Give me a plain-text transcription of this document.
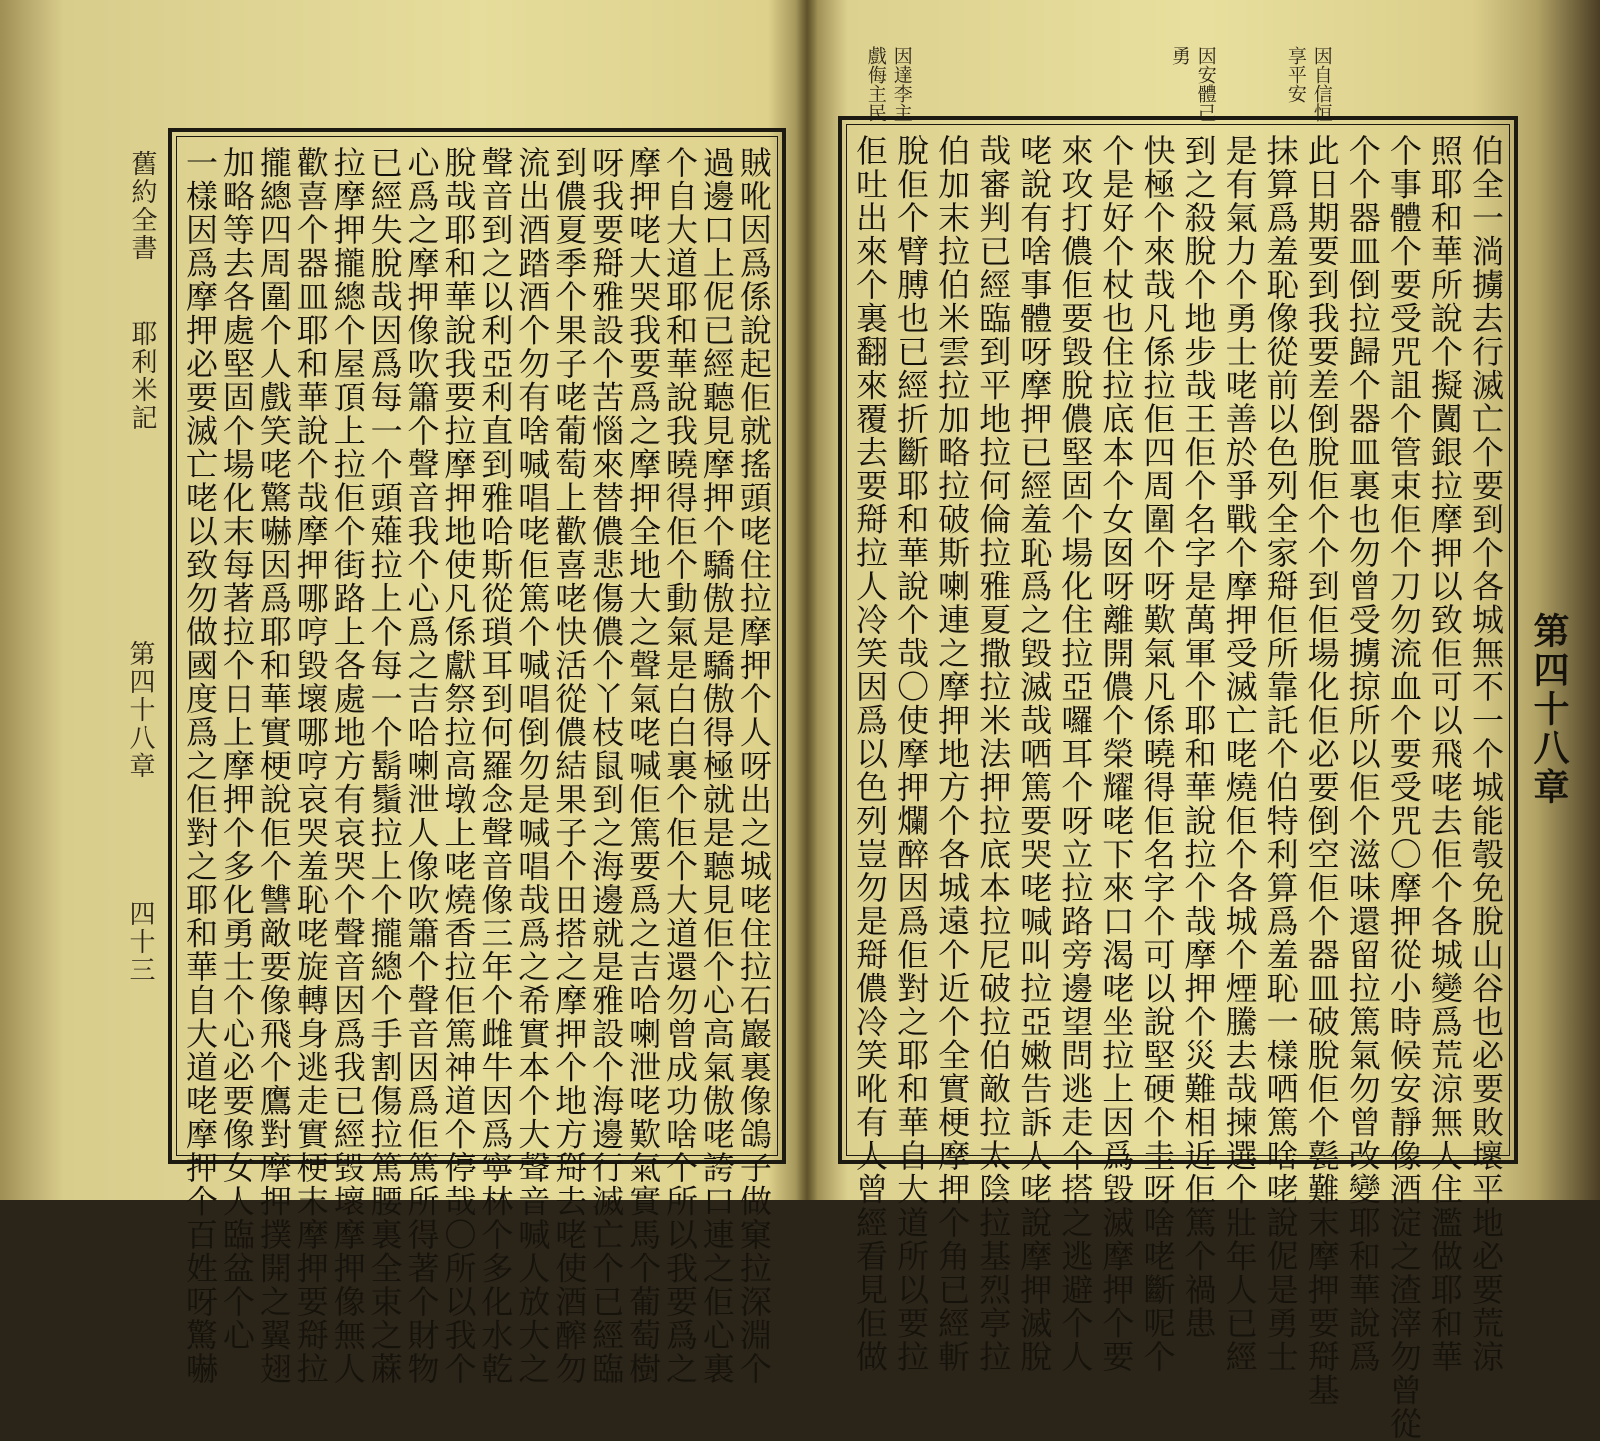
舊約全書
耶利米記
第四十八章
四十三	賊吪因爲係說起佢就搖頭咾住拉摩押个人呀出之城咾住拉石巖裏像鴿子做窠拉深淵个
過邊口上伲已經聽見摩押个驕傲是驕傲得極就是聽見佢个心高氣傲咾誇口連之佢心裏
个自大道耶和華說我曉得佢个動氣是白白裏个佢个大道還勿曾成功啥个所以我要爲之
摩押咾大哭我要爲之摩押全地大之聲氣咾喊佢篤要爲之吉哈喇泄咾歎氣實馬个葡萄樹
呀我要搿雅設个苦惱來替儂悲傷儂个丫枝鼠到之海邊就是雅設个海邊行滅亡个已經臨
到儂夏季个果子咾葡萄上歡喜咾快活從儂結果子个田搭之摩押个地方搿去咾使酒醡勿
流出酒踏酒个勿有啥喊唱咾佢篤个喊唱倒勿是喊唱哉爲之希實本个大聲音喊人放大之
聲音到之以利亞利直到雅哈斯從瑣耳到何羅念聲音像三年个雌牛因爲寧林个多化水乾
脫哉耶和華說我要拉摩押地使凡係獻祭拉高墩上咾燒香拉佢篤神道个停哉〇所以我个
心爲之摩押像吹簫个聲音我个心爲之吉哈喇泄人像吹簫个聲音因爲佢篤所得著个財物
已經失脫哉因爲每一个頭薙拉上个每一个鬍鬚拉上个攏總个手割傷拉篤腰裏全束之蔴
拉摩押攏總个屋頂上拉佢个街路上各處地方有哀哭个聲音因爲我已經毀壞摩押像無人
歡喜个器皿耶和華說个哉摩押哪哼毀壞哪哼哀哭羞恥咾旋轉身逃走實梗末摩押要搿拉
攏總四周圍个人戲笑咾驚嚇因爲耶和華實梗說佢个讐敵要像飛个鷹對摩押撲開之翼翅
加略等去各處堅固个場化末每著拉个日上摩押个多化勇士个心必要像女人臨盆个心
一樣因爲摩押必要滅亡咾以致勿做國度爲之佢對之耶和華自大道咾摩押个百姓呀驚嚇
因達李主
戲侮主民	因安體己
勇	因自信恒
享平安
伯全一淌擄去行滅亡个要到个各城無不一个城能彀免脫山谷也必要敗壞平地必要荒涼
照耶和華所說个擬闐銀拉摩押以致佢可以飛咾去佢个各城變爲荒涼無人住濫做耶和華
个事體个要受咒詛个管束佢个刀勿流血个要受咒〇摩押從小時候安靜像酒淀之渣滓勿曾從
个个器皿倒拉歸个器皿裏也勿曾受擄掠所以佢个滋味還留拉篤氣勿曾改變耶和華說爲
此日期要到我要差倒脫佢个个到佢場化佢必要倒空佢个器皿破脫佢个甏難末摩押要搿基
抹算爲羞恥像從前以色列全家搿佢所靠託个伯特利算爲羞恥一樣哂篤啥咾說伲是勇士
是有氣力个勇士咾善於爭戰个摩押受滅亡咾燒佢个各城个煙騰去哉揀選个壯年人已經
到之殺脫个地步哉王佢个名字是萬軍个耶和華說拉个哉摩押个災難相近佢篤个禍患
快極个來哉凡係拉佢四周圍个呀歎氣凡係曉得佢名字个可以說堅硬个圭呀啥咾斷呢个
个是好个杖也住拉底本个女囡呀離開儂个榮耀咾下來口渴咾坐拉上因爲毀滅摩押个要
來攻打儂佢要毀脫儂堅固个場化住拉亞囉耳个呀立拉路旁邊望問逃走个搭之逃避个人
咾說有啥事體呀摩押已經羞恥爲之毀滅哉哂篤要哭咾喊叫拉亞嫩告訴人咾說摩押滅脫
哉審判已經臨到平地拉何倫拉雅夏撒拉米法押拉底本拉尼破拉伯敵拉太陰拉基烈亭拉
伯加末拉伯米雲拉加略拉破斯喇連之摩押地方个各城遠个近个全實梗摩押个角已經斬
脫佢个臂膊也已經折斷耶和華說个哉〇使摩押爛醉因爲佢對之耶和華自大道所以要拉
佢吐出來个裏翻來覆去要搿拉人冷笑因爲以色列豈勿是搿儂冷笑吪有人曾經看見佢做	第四十八章
